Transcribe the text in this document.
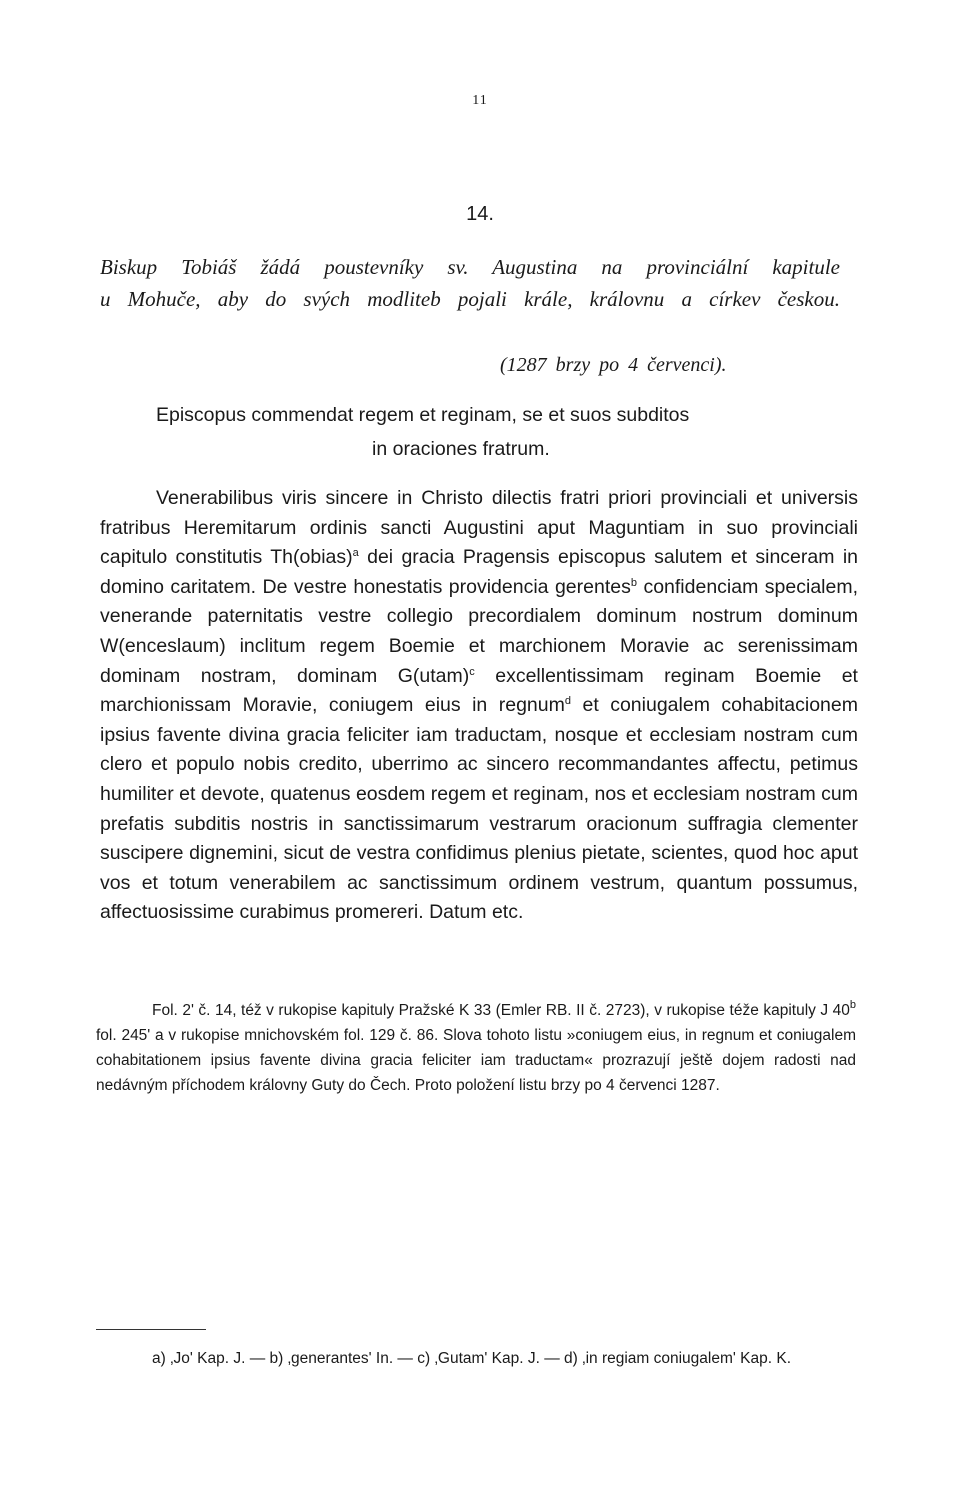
11
14.
Biskup Tobiáš žádá poustevníky sv. Augustina na provinciální kapitule
u Mohuče, aby do svých modliteb pojali krále, královnu a církev českou.
(1287 brzy po 4 červenci).
Episcopus commendat regem et reginam, se et suos subditos
in oraciones fratrum.
Venerabilibus viris sincere in Christo dilectis fratri priori provinciali et universis fratribus Heremitarum ordinis sancti Augustini aput Maguntiam in suo provinciali capitulo constitutis Th(obias)$^a$ dei gracia Pragensis episcopus salutem et sinceram in domino caritatem. De vestre honestatis providencia gerentes$^b$ confidenciam specialem, venerande paternitatis vestre collegio precordialem dominum nostrum dominum W(enceslaum) inclitum regem Boemie et marchionem Moravie ac serenissimam dominam nostram, dominam G(utam)$^c$ excellentissimam reginam Boemie et marchionissam Moravie, coniugem eius in regnum$^d$ et coniugalem cohabitacionem ipsius favente divina gracia feliciter iam traductam, nosque et ecclesiam nostram cum clero et populo nobis credito, uberrimo ac sincero recommandantes affectu, petimus humiliter et devote, quatenus eosdem regem et reginam, nos et ecclesiam nostram cum prefatis subditis nostris in sanctissimarum vestrarum oracionum suffragia clementer suscipere dignemini, sicut de vestra confidimus plenius pietate, scientes, quod hoc aput vos et totum venerabilem ac sanctissimum ordinem vestrum, quantum possumus, affectuosissime curabimus promereri. Datum etc.
Fol. 2' č. 14, též v rukopise kapituly Pražské K 33 (Emler RB. II č. 2723), v rukopise téže kapituly J 40$^b$ fol. 245' a v rukopise mnichovském fol. 129 č. 86. Slova tohoto listu »coniugem eius, in regnum et coniugalem cohabitationem ipsius favente divina gracia feliciter iam traductam« prozrazují ještě dojem radosti nad nedávným příchodem královny Guty do Čech. Proto položení listu brzy po 4 červenci 1287.
a) ‚Jo' Kap. J. — b) ‚generantes' In. — c) ‚Gutam' Kap. J. — d) ‚in regiam coniugalem' Kap. K.
